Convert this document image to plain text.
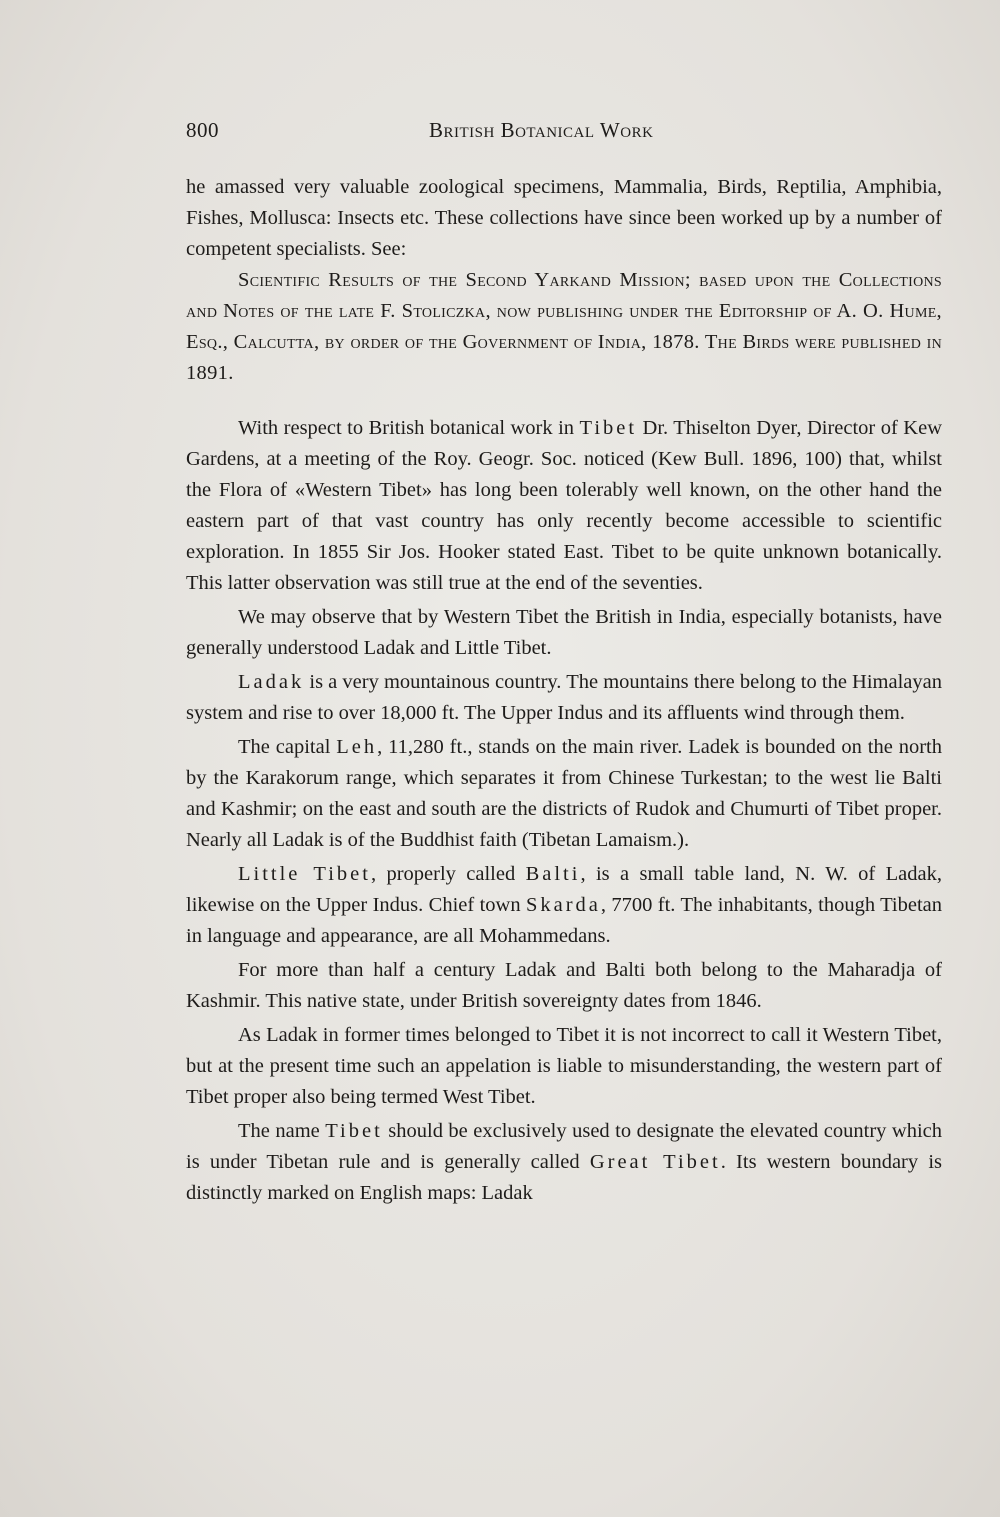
800	British Botanical Work

he amassed very valuable zoological specimens, Mammalia, Birds, Reptilia, Amphibia, Fishes, Mollusca: Insects etc. These collections have since been worked up by a number of competent specialists. See:

Scientific Results of the Second Yarkand Mission; based upon the Collections and Notes of the late F. Stoliczka, now publishing under the Editorship of A. O. Hume, Esq., Calcutta, by order of the Government of India, 1878. The Birds were published in 1891.

With respect to British botanical work in Tibet Dr. Thiselton Dyer, Director of Kew Gardens, at a meeting of the Roy. Geogr. Soc. noticed (Kew Bull. 1896, 100) that, whilst the Flora of «Western Tibet» has long been tolerably well known, on the other hand the eastern part of that vast country has only recently become accessible to scientific exploration. In 1855 Sir Jos. Hooker stated East. Tibet to be quite unknown botanically. This latter observation was still true at the end of the seventies.

We may observe that by Western Tibet the British in India, especially botanists, have generally understood Ladak and Little Tibet.

Ladak is a very mountainous country. The mountains there belong to the Himalayan system and rise to over 18,000 ft. The Upper Indus and its affluents wind through them.

The capital Leh, 11,280 ft., stands on the main river. Ladek is bounded on the north by the Karakorum range, which separates it from Chinese Turkestan; to the west lie Balti and Kashmir; on the east and south are the districts of Rudok and Chumurti of Tibet proper. Nearly all Ladak is of the Buddhist faith (Tibetan Lamaism.).

Little Tibet, properly called Balti, is a small table land, N. W. of Ladak, likewise on the Upper Indus. Chief town Skarda, 7700 ft. The inhabitants, though Tibetan in language and appearance, are all Mohammedans.

For more than half a century Ladak and Balti both belong to the Maharadja of Kashmir. This native state, under British sovereignty dates from 1846.

As Ladak in former times belonged to Tibet it is not incorrect to call it Western Tibet, but at the present time such an appelation is liable to misunderstanding, the western part of Tibet proper also being termed West Tibet.

The name Tibet should be exclusively used to designate the elevated country which is under Tibetan rule and is generally called Great Tibet. Its western boundary is distinctly marked on English maps: Ladak
